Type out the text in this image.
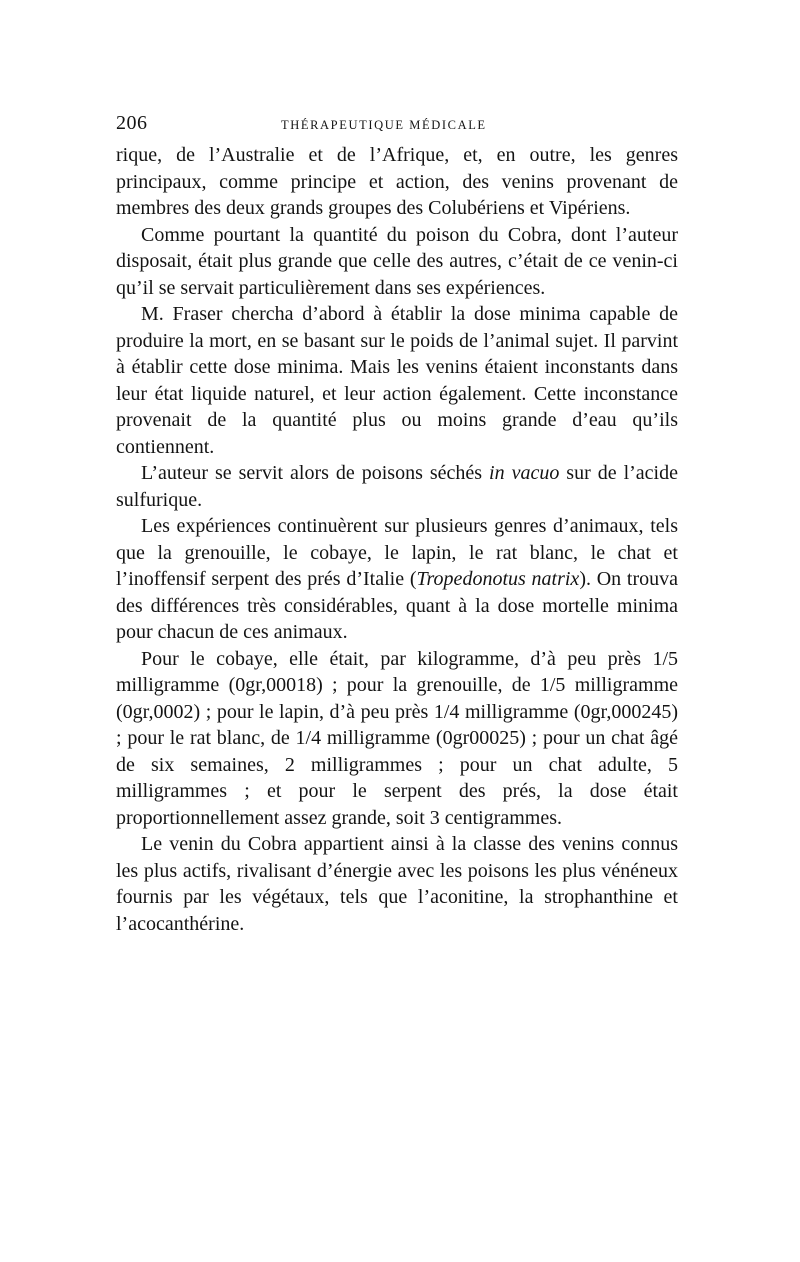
206	THÉRAPEUTIQUE MÉDICALE

rique, de l’Australie et de l’Afrique, et, en outre, les genres principaux, comme principe et action, des venins provenant de membres des deux grands groupes des Colubériens et Vipériens.

Comme pourtant la quantité du poison du Cobra, dont l’auteur disposait, était plus grande que celle des autres, c’était de ce venin-ci qu’il se servait particulièrement dans ses expériences.

M. Fraser chercha d’abord à établir la dose minima capable de produire la mort, en se basant sur le poids de l’animal sujet. Il parvint à établir cette dose minima. Mais les venins étaient inconstants dans leur état liquide naturel, et leur action également. Cette inconstance provenait de la quantité plus ou moins grande d’eau qu’ils contiennent.

L’auteur se servit alors de poisons séchés in vacuo sur de l’acide sulfurique.

Les expériences continuèrent sur plusieurs genres d’animaux, tels que la grenouille, le cobaye, le lapin, le rat blanc, le chat et l’inoffensif serpent des prés d’Italie (Tropedonotus natrix). On trouva des différences très considérables, quant à la dose mortelle minima pour chacun de ces animaux.

Pour le cobaye, elle était, par kilogramme, d’à peu près 1/5 milligramme (0gr,00018) ; pour la grenouille, de 1/5 milligramme (0gr,0002) ; pour le lapin, d’à peu près 1/4 milligramme (0gr,000245) ; pour le rat blanc, de 1/4 milligramme (0gr00025) ; pour un chat âgé de six semaines, 2 milligrammes ; pour un chat adulte, 5 milligrammes ; et pour le serpent des prés, la dose était proportionnellement assez grande, soit 3 centigrammes.

Le venin du Cobra appartient ainsi à la classe des venins connus les plus actifs, rivalisant d’énergie avec les poisons les plus vénéneux fournis par les végétaux, tels que l’aconitine, la strophanthine et l’acocanthérine.
